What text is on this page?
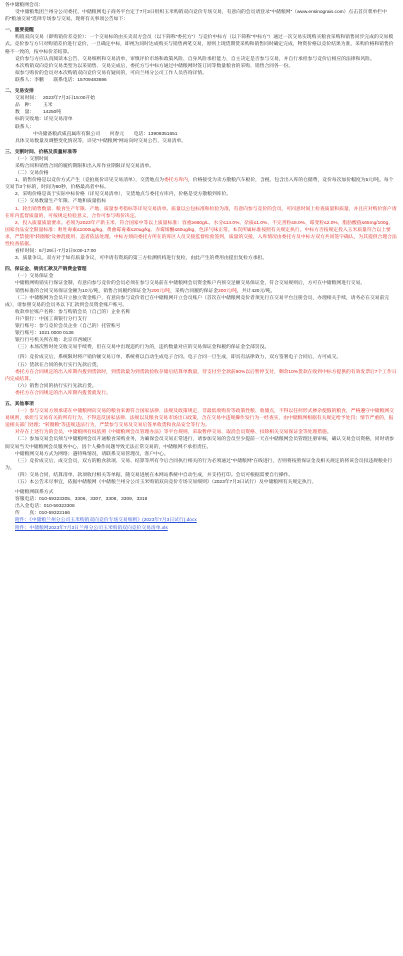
各中储粮网会员：

受中储粮集团兰州分公司委托，中储粮网电子商务平台定于7月3日组织玉米购销双向竞价专场交易，有意向的会员请登录“中储粮网”（www.ensinograin.com）点击首页菜单栏中的“粮油交易”选择专场参与交易。现将有关事项公告如下：

一、重要提醒

购销双向交易（即购销价差竞价）：一个交易标的由买卖双方会员（以下简称“委托方”）与竞价中标方（以下简称“中标方”）通过一次交易实现购买粮食采购和销售同步完成的交易模式。竞价参与方只对购销差价进行竞价，一旦确定中标，即视为同时达成购买与销售两笔交易，原则上现货期货采购和销售同时确定完成，物资价格以竞价结果为准，采购价格和销售价格不一致的，按中标价差结算。

竞价参与方应认真阅读本公告、交易细则和交易清单，审慎评价市场和政策风险、自身风险承担能力，自主决定是否参与交易，并自行承担参与竞价后相应的法律和风险。

本次购销双向竞价交易类型为以采销售、交易完成后，委托方与中标方通过中储粮网时签订同等数量粮食的采购、销售合同各一份。

拟参与购价的会员对本次购销双向竞价交易有疑问的，可向兰州分公司工作人员咨询详情。

联系人：李鹏　　联系电话：15709483696

二、交易安排

交易时间： 2023年7月3日15:00开始

品　种： 玉米

数　量： 14250吨

标的交收地：详见交易清单

联系人：

中央储备粮武威直属库有限公司　　何春元　　电话：13909351651

具体交易数量及调整变化情况等，详见“中储粮网”网站向时交易公告、交易清单。

三、交割时间、价格及质量标准等

（一）交割时间

采购合同和销售合同的履约期限和出入库作业期限详见交易清单。

（二）交易价格

1、销售价格是以竞价方式产生（竞拍底价详见交易清单），交货地点为委托方库内，价格接受为卖方散粮汽车板价，含税、包含出入库的仓储费，竞价每次加价幅度为5元/吨。每个交易节3个标的，时间为60秒，价格最高者中标。

2、采购价格是高于实际中标价格（详见交易清单），交货地点与委托方库内，价格是受方散粮到库价。

（三）交易数量生产年限、产地和质量指标

1、轮出销售数量、粮食生产年限、产地、质量参考指标等详见交易清单。质量以公包标准和检验为准，有意向参与竞价的会员，可同意时间上检查质量和质量，并且应对购价客户请在库内监督质量的，可按规定检验意义，合作可参与购价决定。

2、投入质量质量要求。必须为2023年产新玉米、符合国家中等以上质量标准：容重≥660g/L、水分≤14.0%、杂质≤1.0%、不完善粒≤8.0%、霉变粒≤2.0%、脂肪酸值≤65mg/100g、国家食品安全限量标准：呕吐毒素≤1000ug/kg、黄曲霉毒素≤20ug/kg、赤霉烯酮≤60ug/kg、色泽气味正常。本次所属标准按照有关规定执行。中标方否按规定投入玉米质量符合以上要求，严禁使用“转圈粮”及掺混使用、违者依法处理。中标方须向委托方所在的库区人员交接监督检验签到，质量的交接，入库情况由委托方及中标方双方共同签字确认，为其提供合理合法性检查依据。

看样时间：6月29日-7月2日9:00-17:00

3、质量争议。双方对于如有质量争议，可申请有资质的第三方检测机构进行复检，由此产生的费用由提出复检方承担。

四、保证金、销货汇款及产销费金管理

（一）交易保证金

中储粮网购销实行保证金制，有意向参与竞价的会员必须在参与交易前在中储粮网会员资金账户内预交足额交易保证金，符合交易规则后，方可在中储粮网进行交易。

销售标准的合同交易保证金额为10元/吨，销售合同履约保证金为200元/吨，采购合同履约保证金200元/吨，共计420元/吨。

（二）中储粮网为会员开立独立资金账户，有意向参与竞价者已在中储粮网开立会员账户（首次在中储粮网竞价者须先行在交易平台注册会员，办理相关手续，请务必在交易前完成），请参照交易的会员务以下汇款到会员资金账户账号。

收款单位账户名称：参与购销会员（自己的）企业名称

开户银行：中国工商银行分行支行

银行账号：参与竞价会员企业（自己的）托管账号

银行账号：1021 0000 0136

银行行号机关所在地：北京市西城区

（三）本场次暂时处交收交易手续费，但在交易中出现违约行为的，违约数量对应的交易保证金和履约保证金全部罚没。

（四）竞价成交后，系统限时将产销价额交易订单，系统将以自动生成电子合同。电子合同一旦生成，即具有法律效力，双方签署电子合同后，方可成交。

（五）货款在合同的执行实行先款后货。

委托方在合同规定的出入库期内拨到货款时，到货款最为到货款验收存储后结算单数量，待支付至全款前90%以后暂停支付，剩余10%货款在收到中标方提供的有效发票后7个工作日内完成结算。

（六）销售合同的执行实行先款后货。

委托方在合同规定的出入库期内拨货就发行。

五、其他事项

（一）参与交易方须承诺在中储粮网向交易的粮食来源符合国家法律、法规及政策规定，非最低收购价等政策性粮、收储点，不得以任何形式掺杂使假的粮食，严格遵守中储粮网交易规则，承担与交易有关的所有行为，不得违反国家法律、法规以及粮食交易市场出口政策，含在交易中违规操作发行为一经查实，由中储粮网根据有关规定给予处罚；情节严重的，报送相关部门处理；“转圈粮”等违规违法行为，严禁参与交易及交易后签单收货和食品安全等行为。

对存在上述行为的会员，中储粮网有权依照《中储粮网会员管理办法》等平台规则，采取暂停交易、取消会员资格、扣除相关交易保证金等处理措施。

（二）参加交易会员须与中储粮网会员开通粮食采购业务，为确保会员交易正常进行，请参加交易的会员至少提前一天在中储粮网会员管理注册审核，确认交易会员资格，同时请参阅交易当天中储粮网会员服务中心，因个人操作问题导致无法正常交易的，中储粮网不承担责任。

中储粮网交易方式为网络；遇特殊情况，请联系交易管理员，客户中心。

（三）竞价成交后，成交会员，双方的粮食款项、交易、结算等所有今后合同执行相关的行为必须通过“中储粮网”在线进行，否则将按照保证金及相关规定的将该会员扣违规粮业行为。

（四）交易合同，结算清单，款项收付相关等单据，随交易进展在本网站系统中自动生成，并支持打印。会员可根据需要自行操作。

（五）本公告未尽事宜，依据中储粮网《中储粮兰州分公司玉米购销双向竞价专场交易细则》（2023年7月3日试行）及中储粮网有关规定执行。

中储粮网联系方式

客服电话：010-59323305、3306、3307、3308、3309、3318

出入金电话：010-59323308

传　　真：010-59322166

附件：《中储粮兰州分公司玉米购销双向竞价专场交易细则》(2023年7月3日试行).docx

附件：中储粮网2023年7月3日兰州分公司玉米购销双向竞价交易清单.xls
